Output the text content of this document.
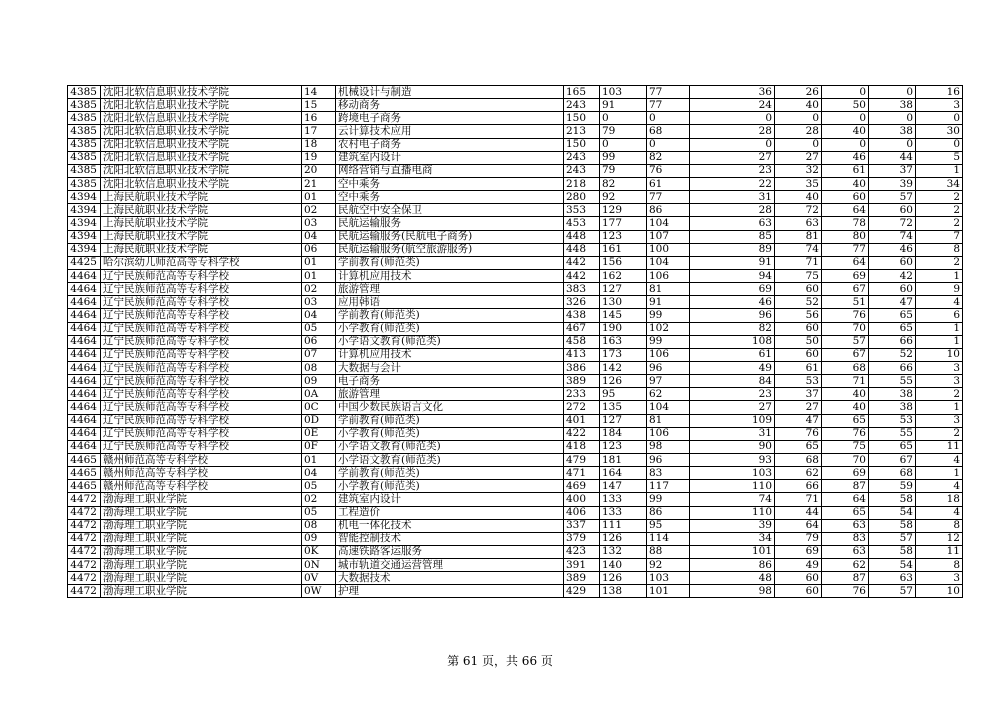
4385	沈阳北软信息职业技术学院	14	机械设计与制造	165	103	77	36	26	0	0	16
4385	沈阳北软信息职业技术学院	15	移动商务	243	91	77	24	40	50	38	3
4385	沈阳北软信息职业技术学院	16	跨境电子商务	150	0	0	0	0	0	0	0
4385	沈阳北软信息职业技术学院	17	云计算技术应用	213	79	68	28	28	40	38	30
4385	沈阳北软信息职业技术学院	18	农村电子商务	150	0	0	0	0	0	0	0
4385	沈阳北软信息职业技术学院	19	建筑室内设计	243	99	82	27	27	46	44	5
4385	沈阳北软信息职业技术学院	20	网络营销与直播电商	243	79	76	23	32	61	37	1
4385	沈阳北软信息职业技术学院	21	空中乘务	218	82	61	22	35	40	39	34
4394	上海民航职业技术学院	01	空中乘务	280	92	77	31	40	60	57	2
4394	上海民航职业技术学院	02	民航空中安全保卫	353	129	86	28	72	64	60	2
4394	上海民航职业技术学院	03	民航运输服务	453	177	104	63	63	78	72	2
4394	上海民航职业技术学院	04	民航运输服务(民航电子商务)	448	123	107	85	81	80	74	7
4394	上海民航职业技术学院	06	民航运输服务(航空旅游服务)	448	161	100	89	74	77	46	8
4425	哈尔滨幼儿师范高等专科学校	01	学前教育(师范类)	442	156	104	91	71	64	60	2
4464	辽宁民族师范高等专科学校	01	计算机应用技术	442	162	106	94	75	69	42	1
4464	辽宁民族师范高等专科学校	02	旅游管理	383	127	81	69	60	67	60	9
4464	辽宁民族师范高等专科学校	03	应用韩语	326	130	91	46	52	51	47	4
4464	辽宁民族师范高等专科学校	04	学前教育(师范类)	438	145	99	96	56	76	65	6
4464	辽宁民族师范高等专科学校	05	小学教育(师范类)	467	190	102	82	60	70	65	1
4464	辽宁民族师范高等专科学校	06	小学语文教育(师范类)	458	163	99	108	50	57	66	1
4464	辽宁民族师范高等专科学校	07	计算机应用技术	413	173	106	61	60	67	52	10
4464	辽宁民族师范高等专科学校	08	大数据与会计	386	142	96	49	61	68	66	3
4464	辽宁民族师范高等专科学校	09	电子商务	389	126	97	84	53	71	55	3
4464	辽宁民族师范高等专科学校	0A	旅游管理	233	95	62	23	37	40	38	2
4464	辽宁民族师范高等专科学校	0C	中国少数民族语言文化	272	135	104	27	27	40	38	1
4464	辽宁民族师范高等专科学校	0D	学前教育(师范类)	401	127	81	109	47	65	53	3
4464	辽宁民族师范高等专科学校	0E	小学教育(师范类)	422	184	106	31	76	76	55	2
4464	辽宁民族师范高等专科学校	0F	小学语文教育(师范类)	418	123	98	90	65	75	65	11
4465	赣州师范高等专科学校	01	小学语文教育(师范类)	479	181	96	93	68	70	67	4
4465	赣州师范高等专科学校	04	学前教育(师范类)	471	164	83	103	62	69	68	1
4465	赣州师范高等专科学校	05	小学教育(师范类)	469	147	117	110	66	87	59	4
4472	渤海理工职业学院	02	建筑室内设计	400	133	99	74	71	64	58	18
4472	渤海理工职业学院	05	工程造价	406	133	86	110	44	65	54	4
4472	渤海理工职业学院	08	机电一体化技术	337	111	95	39	64	63	58	8
4472	渤海理工职业学院	09	智能控制技术	379	126	114	34	79	83	57	12
4472	渤海理工职业学院	0K	高速铁路客运服务	423	132	88	101	69	63	58	11
4472	渤海理工职业学院	0N	城市轨道交通运营管理	391	140	92	86	49	62	54	8
4472	渤海理工职业学院	0V	大数据技术	389	126	103	48	60	87	63	3
4472	渤海理工职业学院	0W	护理	429	138	101	98	60	76	57	10
第 61 页，共 66 页
